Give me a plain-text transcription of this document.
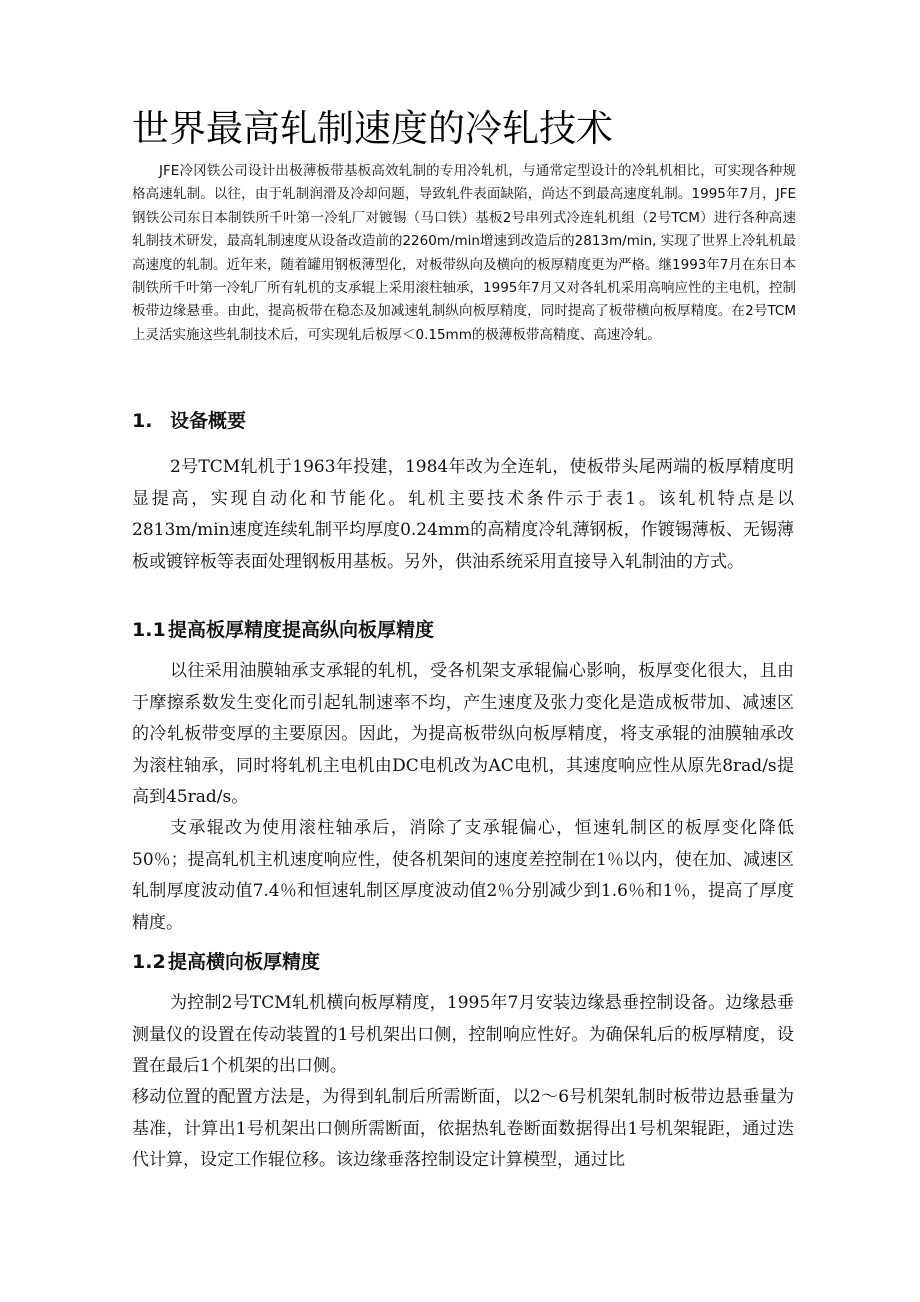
世界最高轧制速度的冷轧技术

JFE冷冈铁公司设计出极薄板带基板高效轧制的专用冷轧机，与通常定型设计的冷轧机相比，可实现各种规格高速轧制。以往，由于轧制润滑及冷却问题，导致轧件表面缺陷，尚达不到最高速度轧制。1995年7月，JFE钢铁公司东日本制铁所千叶第一冷轧厂对镀锡（马口铁）基板2号串列式冷连轧机组（2号TCM）进行各种高速轧制技术研发，最高轧制速度从设备改造前的2260m/min增速到改造后的2813m/min, 实现了世界上冷轧机最高速度的轧制。近年来，随着罐用钢板薄型化，对板带纵向及横向的板厚精度更为严格。继1993年7月在东日本制铁所千叶第一冷轧厂所有轧机的支承辊上采用滚柱轴承，1995年7月又对各轧机采用高响应性的主电机，控制板带边缘悬垂。由此，提高板带在稳态及加减速轧制纵向板厚精度，同时提高了板带横向板厚精度。在2号TCM上灵活实施这些轧制技术后，可实现轧后板厚＜0.15mm的极薄板带高精度、高速冷轧。

1. 设备概要

2号TCM轧机于1963年投建，1984年改为全连轧，使板带头尾两端的板厚精度明显提高，实现自动化和节能化。轧机主要技术条件示于表1。该轧机特点是以2813m/min速度连续轧制平均厚度0.24mm的高精度冷轧薄钢板，作镀锡薄板、无锡薄板或镀锌板等表面处理钢板用基板。另外，供油系统采用直接导入轧制油的方式。

1.1 提高板厚精度提高纵向板厚精度

以往采用油膜轴承支承辊的轧机，受各机架支承辊偏心影响，板厚变化很大，且由于摩擦系数发生变化而引起轧制速率不均，产生速度及张力变化是造成板带加、减速区的冷轧板带变厚的主要原因。因此，为提高板带纵向板厚精度，将支承辊的油膜轴承改为滚柱轴承，同时将轧机主电机由DC电机改为AC电机，其速度响应性从原先8rad/s提高到45rad/s。

支承辊改为使用滚柱轴承后，消除了支承辊偏心，恒速轧制区的板厚变化降低50％；提高轧机主机速度响应性，使各机架间的速度差控制在1％以内，使在加、减速区轧制厚度波动值7.4％和恒速轧制区厚度波动值2％分别减少到1.6％和1％，提高了厚度精度。

1.2 提高横向板厚精度

为控制2号TCM轧机横向板厚精度，1995年7月安装边缘悬垂控制设备。边缘悬垂测量仪的设置在传动装置的1号机架出口侧，控制响应性好。为确保轧后的板厚精度，设置在最后1个机架的出口侧。

移动位置的配置方法是，为得到轧制后所需断面，以2～6号机架轧制时板带边悬垂量为基准，计算出1号机架出口侧所需断面，依据热轧卷断面数据得出1号机架辊距，通过迭代计算，设定工作辊位移。该边缘垂落控制设定计算模型，通过比
